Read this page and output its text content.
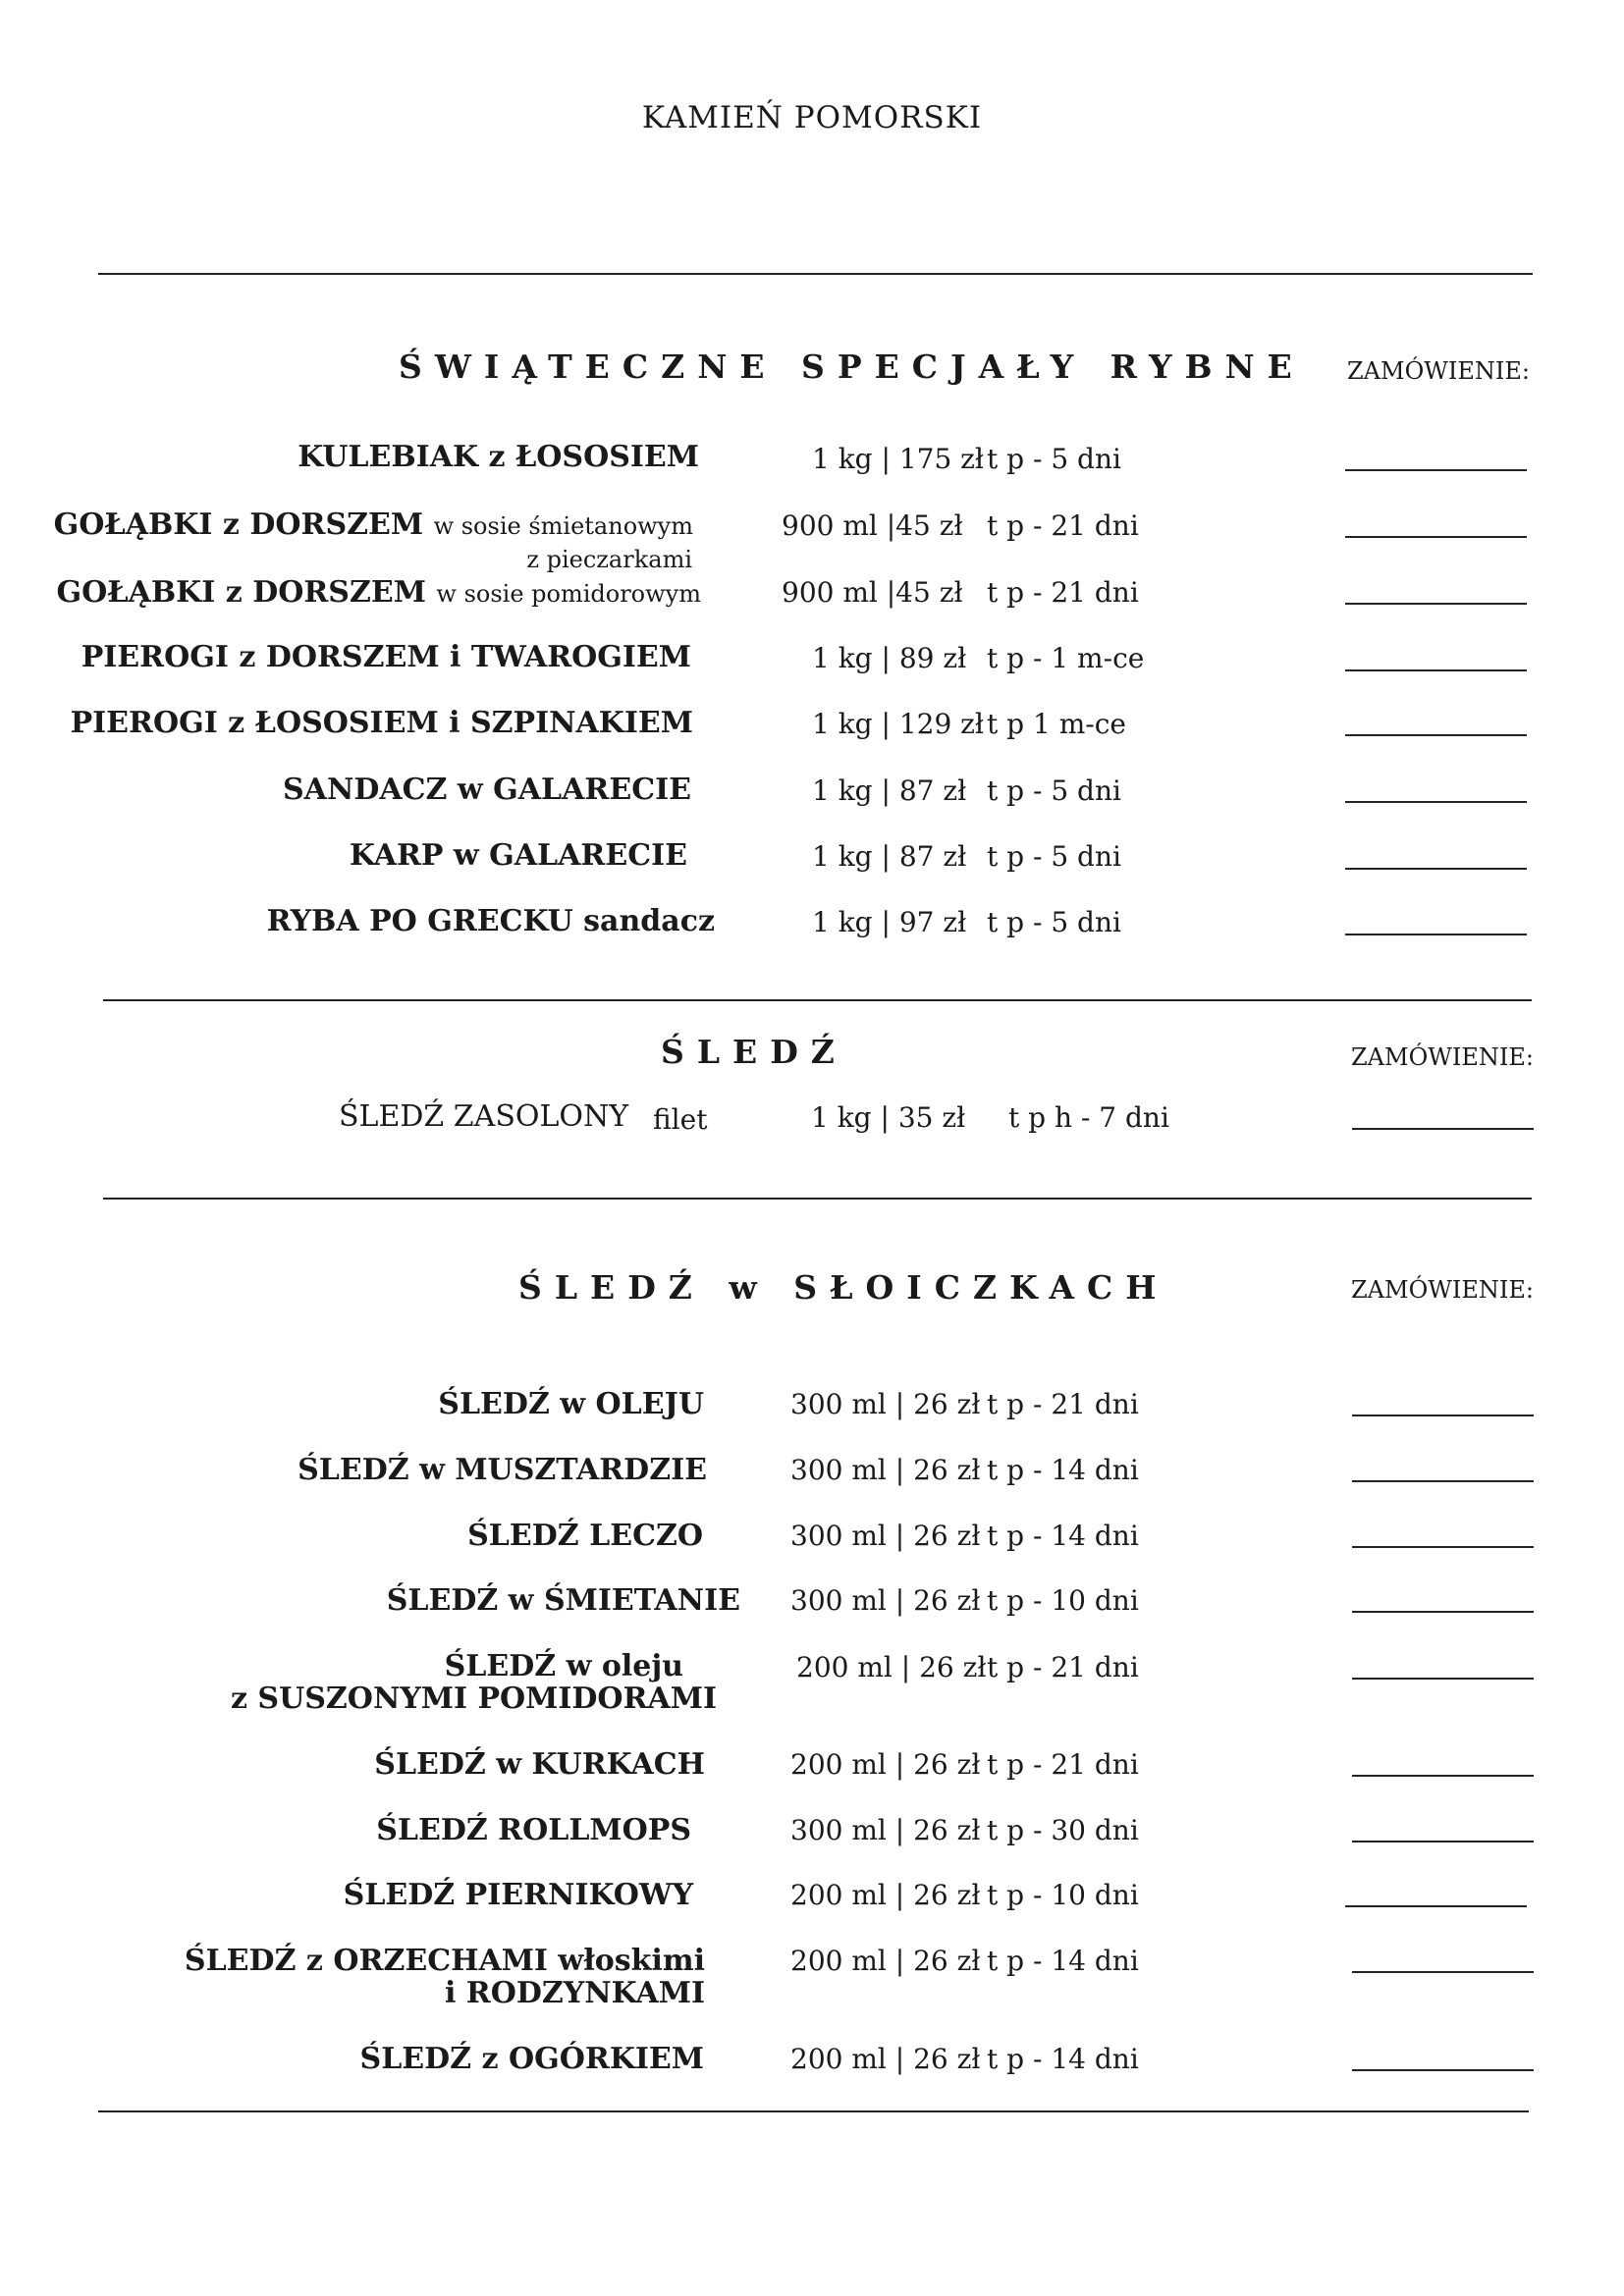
KAMIEŃ POMORSKI
ŚWIĄTECZNE SPECJAŁY RYBNE ZAMÓWIENIE:
KULEBIAK z ŁOSOSIEM	1 kg | 175 zł t p - 5 dni
GOŁĄBKI z DORSZEM w sosie śmietanowym
z pieczarkami
900 ml |45 zł t p - 21 dni
GOŁĄBKI z DORSZEM w sosie pomidorowym	900 ml |45 zł t p - 21 dni
PIEROGI z DORSZEM i TWAROGIEM	1 kg | 89 zł t p - 1 m-ce
PIEROGI z ŁOSOSIEM i SZPINAKIEM	1 kg | 129 zł t p 1 m-ce
SANDACZ w GALARECIE	1 kg | 87 zł t p - 5 dni
KARP w GALARECIE	1 kg | 87 zł t p - 5 dni
RYBA PO GRECKU sandacz	1 kg | 97 zł t p - 5 dni
ŚLEDŹ	ZAMÓWIENIE:
ŚLEDŹ ZASOLONY filet	1 kg | 35 zł t p h - 7 dni
ŚLEDŹ w SŁOICZKACH	ZAMÓWIENIE:
ŚLEDŹ w OLEJU	300 ml | 26 zł t p - 21 dni
ŚLEDŹ w MUSZTARDZIE	300 ml | 26 zł t p - 14 dni
ŚLEDŹ LECZO	300 ml | 26 zł t p - 14 dni
ŚLEDŹ w ŚMIETANIE 300 ml | 26 zł t p - 10 dni
ŚLEDŹ w oleju
z SUSZONYMI POMIDORAMI
200 ml | 26 zł t p - 21 dni
ŚLEDŹ w KURKACH	200 ml | 26 zł t p - 21 dni
ŚLEDŹ ROLLMOPS	300 ml | 26 zł t p - 30 dni
ŚLEDŹ PIERNIKOWY	200 ml | 26 zł t p - 10 dni
ŚLEDŹ z ORZECHAMI włoskimi
i RODZYNKAMI
200 ml | 26 zł t p - 14 dni
ŚLEDŹ z OGÓRKIEM	200 ml | 26 zł t p - 14 dni
